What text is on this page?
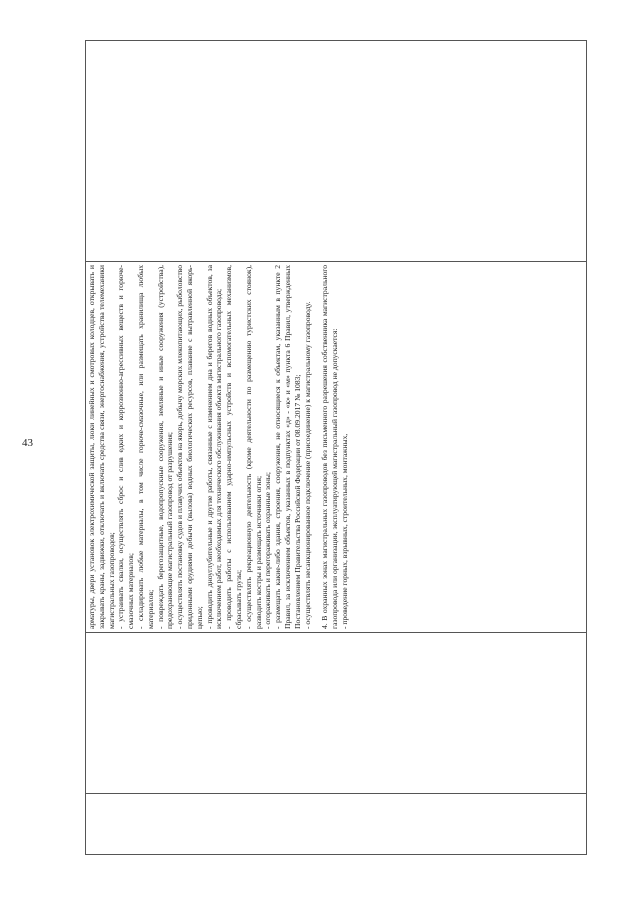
43
			арматуры, двери установок электрохимической защиты, люки линейных и смотровых колодцев, открывать и закрывать краны, задвижки, отключать и включать средства связи, энергоснабжения, устройства телемеханики магистральных газопроводов; - устраивать свалки, осуществлять сброс и слив едких и коррозионно-агрессивных веществ и горюче-смазочных материалов; - складировать любые материалы, в том числе горюче-смазочные, или размещать хранилища любых материалов; - повреждать берегозащитные, водопропускные сооружения, земляные и иные сооружения (устройства), предохраняющие магистральный газопровод от разрушения; - осуществлять постановку судов и плавучих объектов на якорь, добычу морских млекопитающих, рыболовство придонными орудиями добычи (вылова) водных биологических ресурсов, плавание с вытравленной якорь-цепью; - проводить дноуглубительные и другие работы, связанные с изменением дна и берегов водных объектов, за исключением работ, необходимых для технического обслуживания объекта магистрального газопровода; - проводить работы с использованием ударно-импульсных устройств и вспомогательных механизмов, сбрасывать грузы; - осуществлять рекреационную деятельность (кроме деятельности по размещению туристских стоянок), разводить костры и размещать источники огня; - огораживать и перегораживать охранные зоны; - размещать какие-либо здания, строения, сооружения, не относящиеся к объектам, указанным в пункте 2 Правил, за исключением объектов, указанных в подпунктах «д» - «к» и «м» пункта 6 Правил, утвержденных Постановлением Правительства Российской Федерации от 08.09.2017 № 1083; - осуществлять несанкционированное подключение (присоединение) к магистральному газопроводу. 4. В охранных зонах магистральных газопроводов без письменного разрешения собственника магистрального газопровода или организации, эксплуатирующей магистральный газопровод не допускается: - проведение горных, взрывных, строительных, монтажных,
